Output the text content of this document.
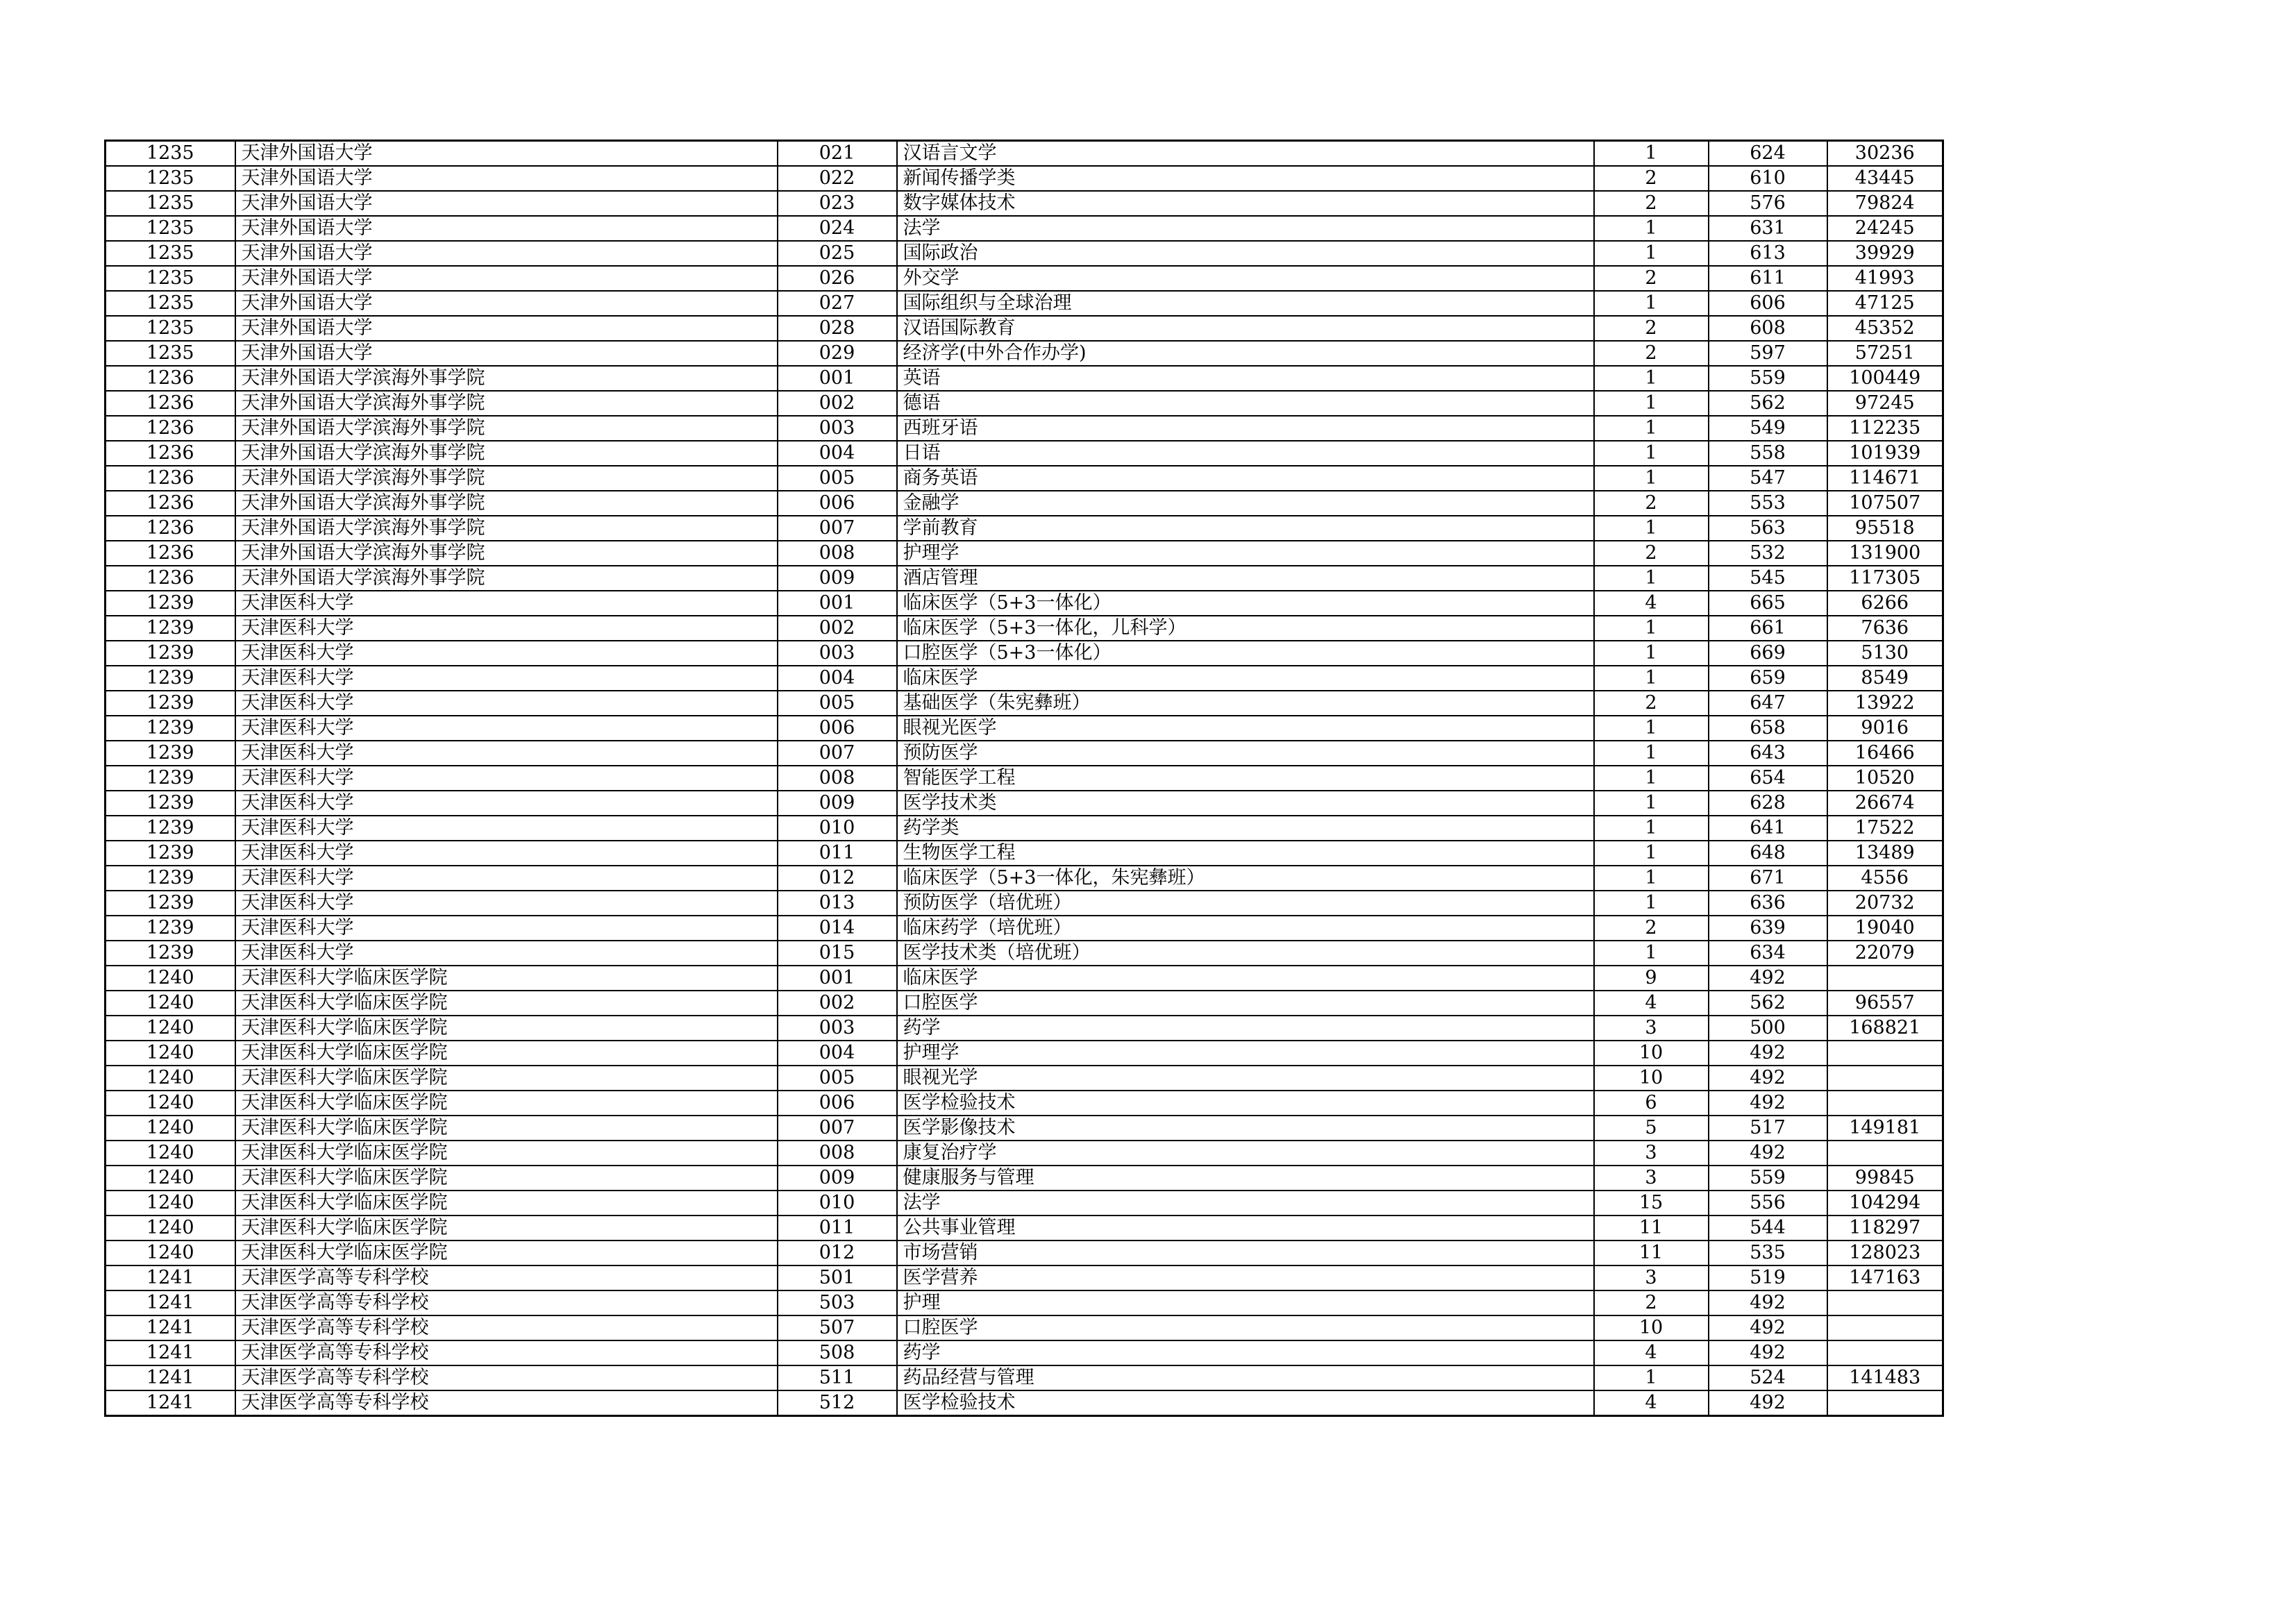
1235	天津外国语大学	021	汉语言文学	1	624	30236
1235	天津外国语大学	022	新闻传播学类	2	610	43445
1235	天津外国语大学	023	数字媒体技术	2	576	79824
1235	天津外国语大学	024	法学	1	631	24245
1235	天津外国语大学	025	国际政治	1	613	39929
1235	天津外国语大学	026	外交学	2	611	41993
1235	天津外国语大学	027	国际组织与全球治理	1	606	47125
1235	天津外国语大学	028	汉语国际教育	2	608	45352
1235	天津外国语大学	029	经济学(中外合作办学)	2	597	57251
1236	天津外国语大学滨海外事学院	001	英语	1	559	100449
1236	天津外国语大学滨海外事学院	002	德语	1	562	97245
1236	天津外国语大学滨海外事学院	003	西班牙语	1	549	112235
1236	天津外国语大学滨海外事学院	004	日语	1	558	101939
1236	天津外国语大学滨海外事学院	005	商务英语	1	547	114671
1236	天津外国语大学滨海外事学院	006	金融学	2	553	107507
1236	天津外国语大学滨海外事学院	007	学前教育	1	563	95518
1236	天津外国语大学滨海外事学院	008	护理学	2	532	131900
1236	天津外国语大学滨海外事学院	009	酒店管理	1	545	117305
1239	天津医科大学	001	临床医学（5+3一体化）	4	665	6266
1239	天津医科大学	002	临床医学（5+3一体化，儿科学）	1	661	7636
1239	天津医科大学	003	口腔医学（5+3一体化）	1	669	5130
1239	天津医科大学	004	临床医学	1	659	8549
1239	天津医科大学	005	基础医学（朱宪彝班）	2	647	13922
1239	天津医科大学	006	眼视光医学	1	658	9016
1239	天津医科大学	007	预防医学	1	643	16466
1239	天津医科大学	008	智能医学工程	1	654	10520
1239	天津医科大学	009	医学技术类	1	628	26674
1239	天津医科大学	010	药学类	1	641	17522
1239	天津医科大学	011	生物医学工程	1	648	13489
1239	天津医科大学	012	临床医学（5+3一体化，朱宪彝班）	1	671	4556
1239	天津医科大学	013	预防医学（培优班）	1	636	20732
1239	天津医科大学	014	临床药学（培优班）	2	639	19040
1239	天津医科大学	015	医学技术类（培优班）	1	634	22079
1240	天津医科大学临床医学院	001	临床医学	9	492	
1240	天津医科大学临床医学院	002	口腔医学	4	562	96557
1240	天津医科大学临床医学院	003	药学	3	500	168821
1240	天津医科大学临床医学院	004	护理学	10	492	
1240	天津医科大学临床医学院	005	眼视光学	10	492	
1240	天津医科大学临床医学院	006	医学检验技术	6	492	
1240	天津医科大学临床医学院	007	医学影像技术	5	517	149181
1240	天津医科大学临床医学院	008	康复治疗学	3	492	
1240	天津医科大学临床医学院	009	健康服务与管理	3	559	99845
1240	天津医科大学临床医学院	010	法学	15	556	104294
1240	天津医科大学临床医学院	011	公共事业管理	11	544	118297
1240	天津医科大学临床医学院	012	市场营销	11	535	128023
1241	天津医学高等专科学校	501	医学营养	3	519	147163
1241	天津医学高等专科学校	503	护理	2	492	
1241	天津医学高等专科学校	507	口腔医学	10	492	
1241	天津医学高等专科学校	508	药学	4	492	
1241	天津医学高等专科学校	511	药品经营与管理	1	524	141483
1241	天津医学高等专科学校	512	医学检验技术	4	492	
